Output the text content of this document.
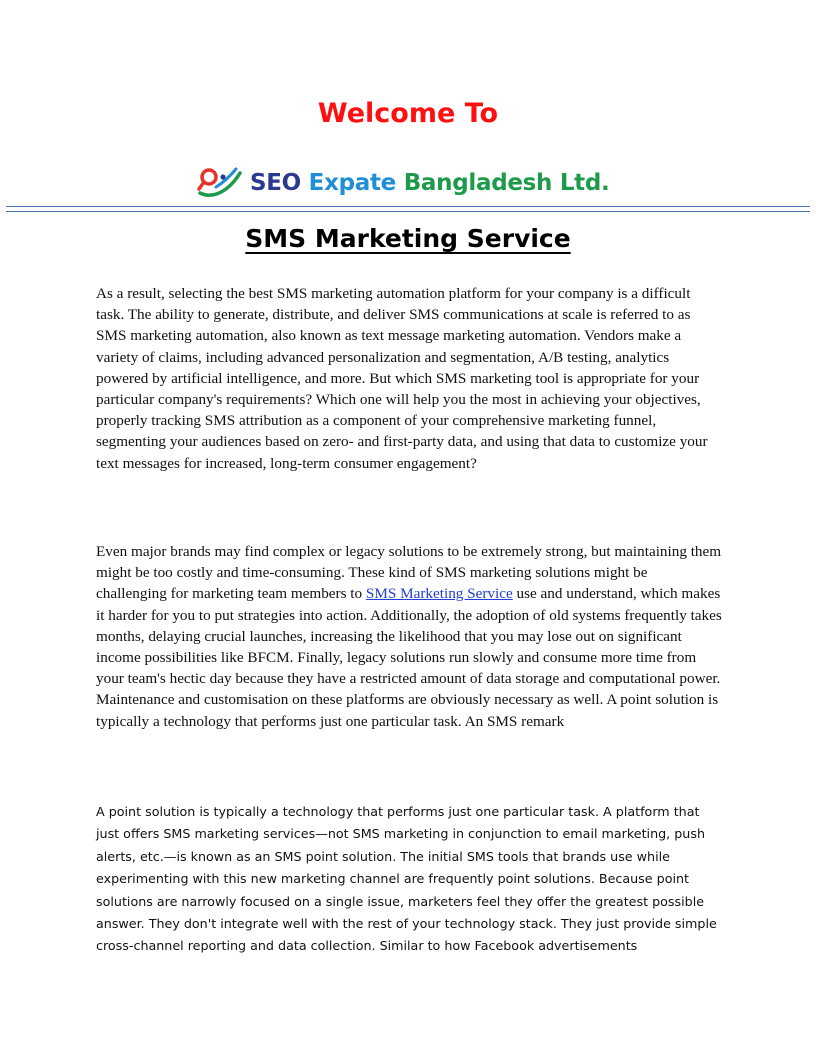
Welcome To
SEO Expate Bangladesh Ltd.
SMS Marketing Service

As a result, selecting the best SMS marketing automation platform for your company is a difficult task. The ability to generate, distribute, and deliver SMS communications at scale is referred to as SMS marketing automation, also known as text message marketing automation. Vendors make a variety of claims, including advanced personalization and segmentation, A/B testing, analytics powered by artificial intelligence, and more. But which SMS marketing tool is appropriate for your particular company's requirements? Which one will help you the most in achieving your objectives, properly tracking SMS attribution as a component of your comprehensive marketing funnel, segmenting your audiences based on zero- and first-party data, and using that data to customize your text messages for increased, long-term consumer engagement?

Even major brands may find complex or legacy solutions to be extremely strong, but maintaining them might be too costly and time-consuming. These kind of SMS marketing solutions might be challenging for marketing team members to SMS Marketing Service use and understand, which makes it harder for you to put strategies into action. Additionally, the adoption of old systems frequently takes months, delaying crucial launches, increasing the likelihood that you may lose out on significant income possibilities like BFCM. Finally, legacy solutions run slowly and consume more time from your team's hectic day because they have a restricted amount of data storage and computational power. Maintenance and customisation on these platforms are obviously necessary as well. A point solution is typically a technology that performs just one particular task. An SMS remark

A point solution is typically a technology that performs just one particular task. A platform that just offers SMS marketing services—not SMS marketing in conjunction to email marketing, push alerts, etc.—is known as an SMS point solution. The initial SMS tools that brands use while experimenting with this new marketing channel are frequently point solutions. Because point solutions are narrowly focused on a single issue, marketers feel they offer the greatest possible answer. They don't integrate well with the rest of your technology stack. They just provide simple cross-channel reporting and data collection. Similar to how Facebook advertisements
